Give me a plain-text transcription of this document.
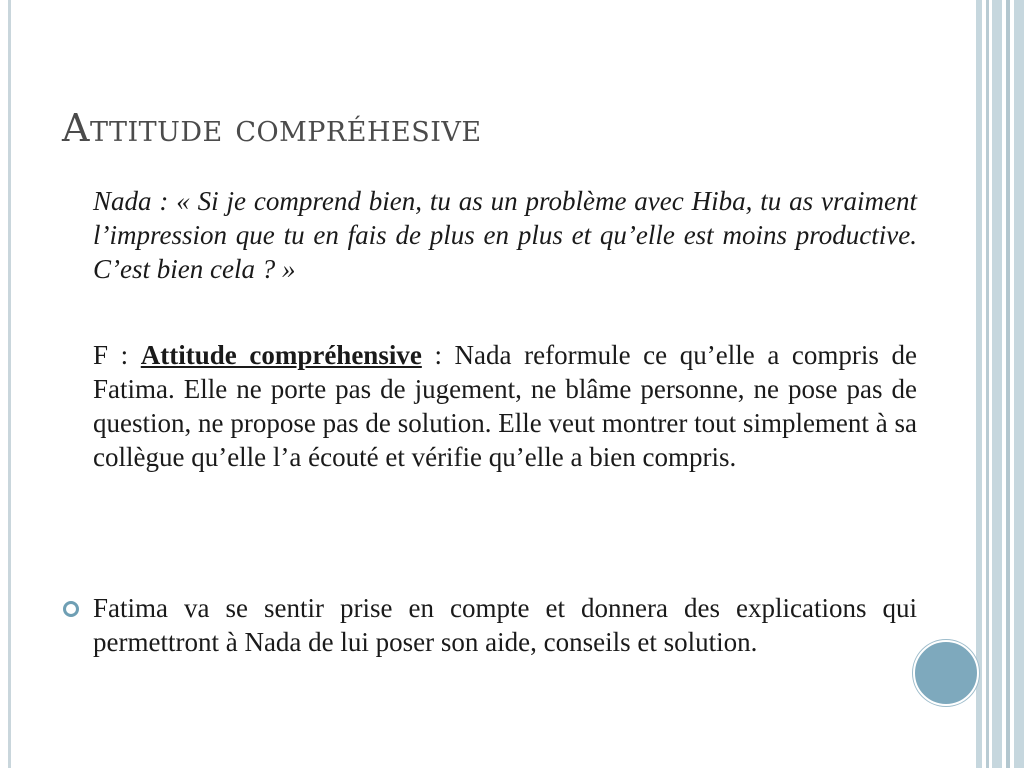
Attitude compréhesive
Nada : « Si je comprend bien, tu as un problème avec Hiba, tu as vraiment l’impression que tu en fais de plus en plus et qu’elle est moins productive. C’est bien cela ? »
F : Attitude compréhensive : Nada reformule ce qu’elle a compris de Fatima. Elle ne porte pas de jugement, ne blâme personne, ne pose pas de question, ne propose pas de solution. Elle veut montrer tout simplement à sa collègue qu’elle l’a écouté et vérifie qu’elle a bien compris.
Fatima va se sentir prise en compte et donnera des explications qui permettront à Nada de lui poser son aide, conseils et solution.
